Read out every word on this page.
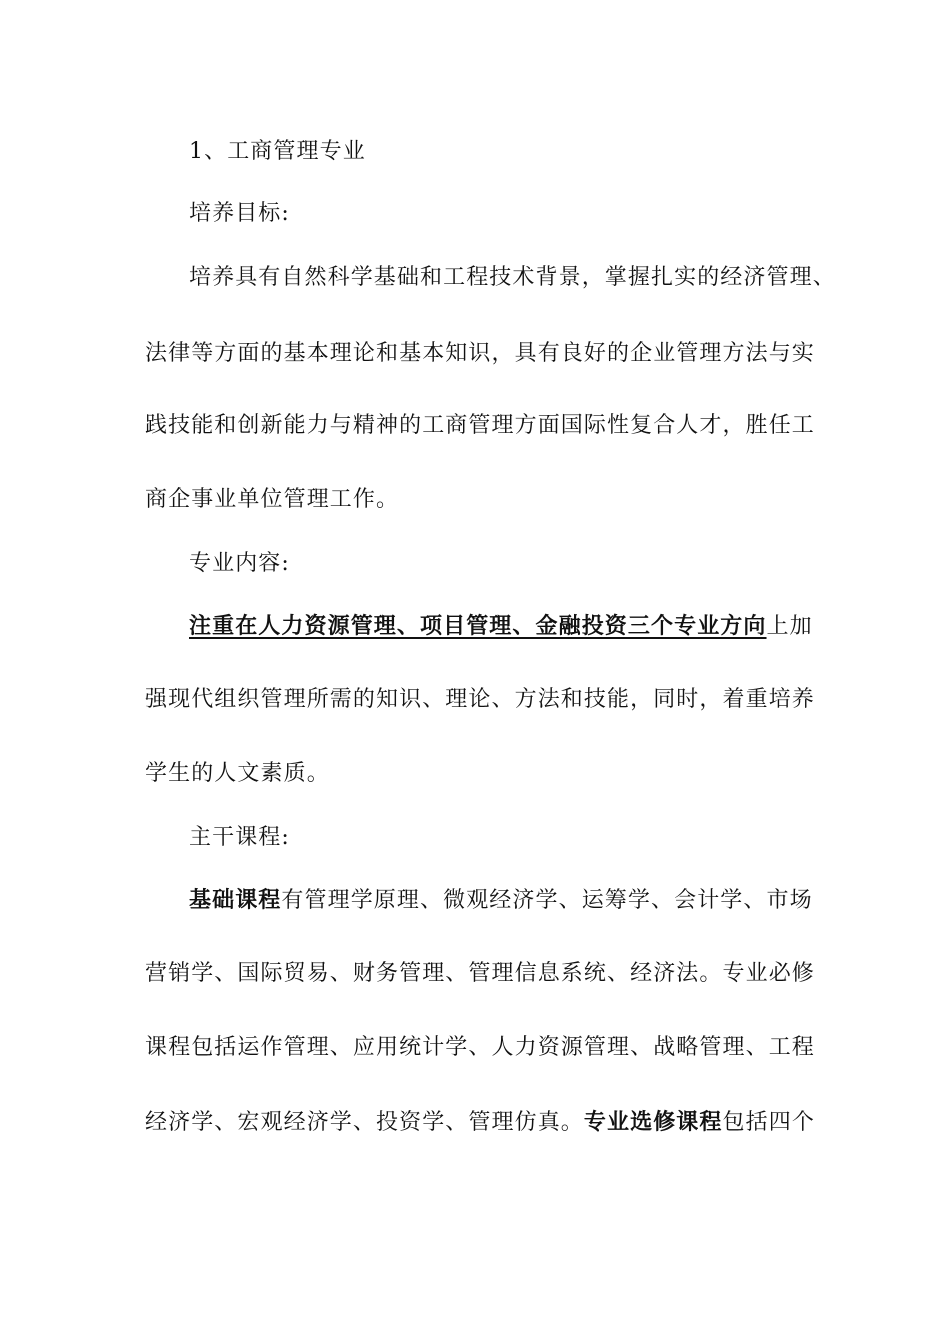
1、工商管理专业
培养目标:
培养具有自然科学基础和工程技术背景，掌握扎实的经济管理、
法律等方面的基本理论和基本知识，具有良好的企业管理方法与实
践技能和创新能力与精神的工商管理方面国际性复合人才，胜任工
商企事业单位管理工作。
专业内容:
注重在人力资源管理、项目管理、金融投资三个专业方向上加
强现代组织管理所需的知识、理论、方法和技能，同时，着重培养
学生的人文素质。
主干课程:
基础课程有管理学原理、微观经济学、运筹学、会计学、市场
营销学、国际贸易、财务管理、管理信息系统、经济法。专业必修
课程包括运作管理、应用统计学、人力资源管理、战略管理、工程
经济学、宏观经济学、投资学、管理仿真。专业选修课程包括四个
